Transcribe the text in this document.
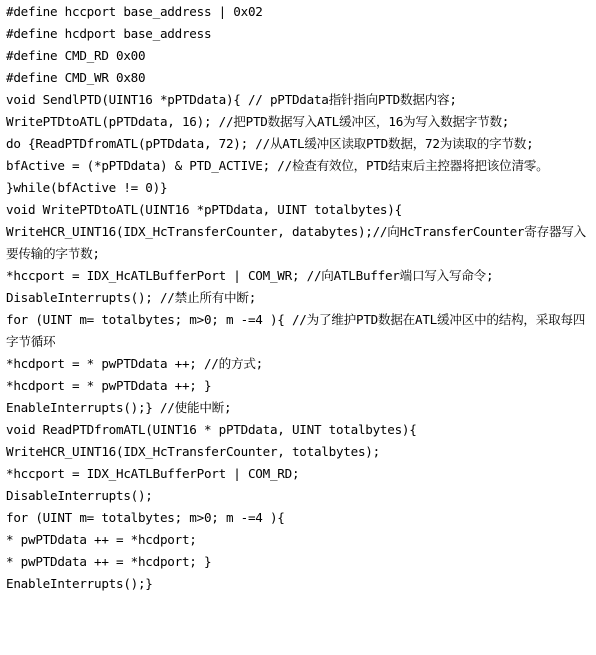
#define hccport base_address | 0x02
#define hcdport base_address
#define CMD_RD 0x00
#define CMD_WR 0x80
void SendlPTD(UINT16 *pPTDdata){ // pPTDdata指针指向PTD数据内容;
WritePTDtoATL(pPTDdata, 16); //把PTD数据写入ATL缓冲区，16为写入数据字节数;
do {ReadPTDfromATL(pPTDdata, 72); //从ATL缓冲区读取PTD数据，72为读取的字节数;
bfActive = (*pPTDdata) & PTD_ACTIVE; //检查有效位，PTD结束后主控器将把该位清零。
}while(bfActive != 0)}
void WritePTDtoATL(UINT16 *pPTDdata, UINT totalbytes){
WriteHCR_UINT16(IDX_HcTransferCounter, databytes);//向HcTransferCounter寄存器写入要传输的字节数;
*hccport = IDX_HcATLBufferPort | COM_WR; //向ATLBuffer端口写入写命令;
DisableInterrupts(); //禁止所有中断;
for (UINT m= totalbytes; m>0; m -=4 ){ //为了维护PTD数据在ATL缓冲区中的结构，采取每四字节循环
*hcdport = * pwPTDdata ++; //的方式;
*hcdport = * pwPTDdata ++; }
EnableInterrupts();} //使能中断;
void ReadPTDfromATL(UINT16 * pPTDdata, UINT totalbytes){
WriteHCR_UINT16(IDX_HcTransferCounter, totalbytes);
*hccport = IDX_HcATLBufferPort | COM_RD;
DisableInterrupts();
for (UINT m= totalbytes; m>0; m -=4 ){
* pwPTDdata ++ = *hcdport;
* pwPTDdata ++ = *hcdport; }
EnableInterrupts();}
